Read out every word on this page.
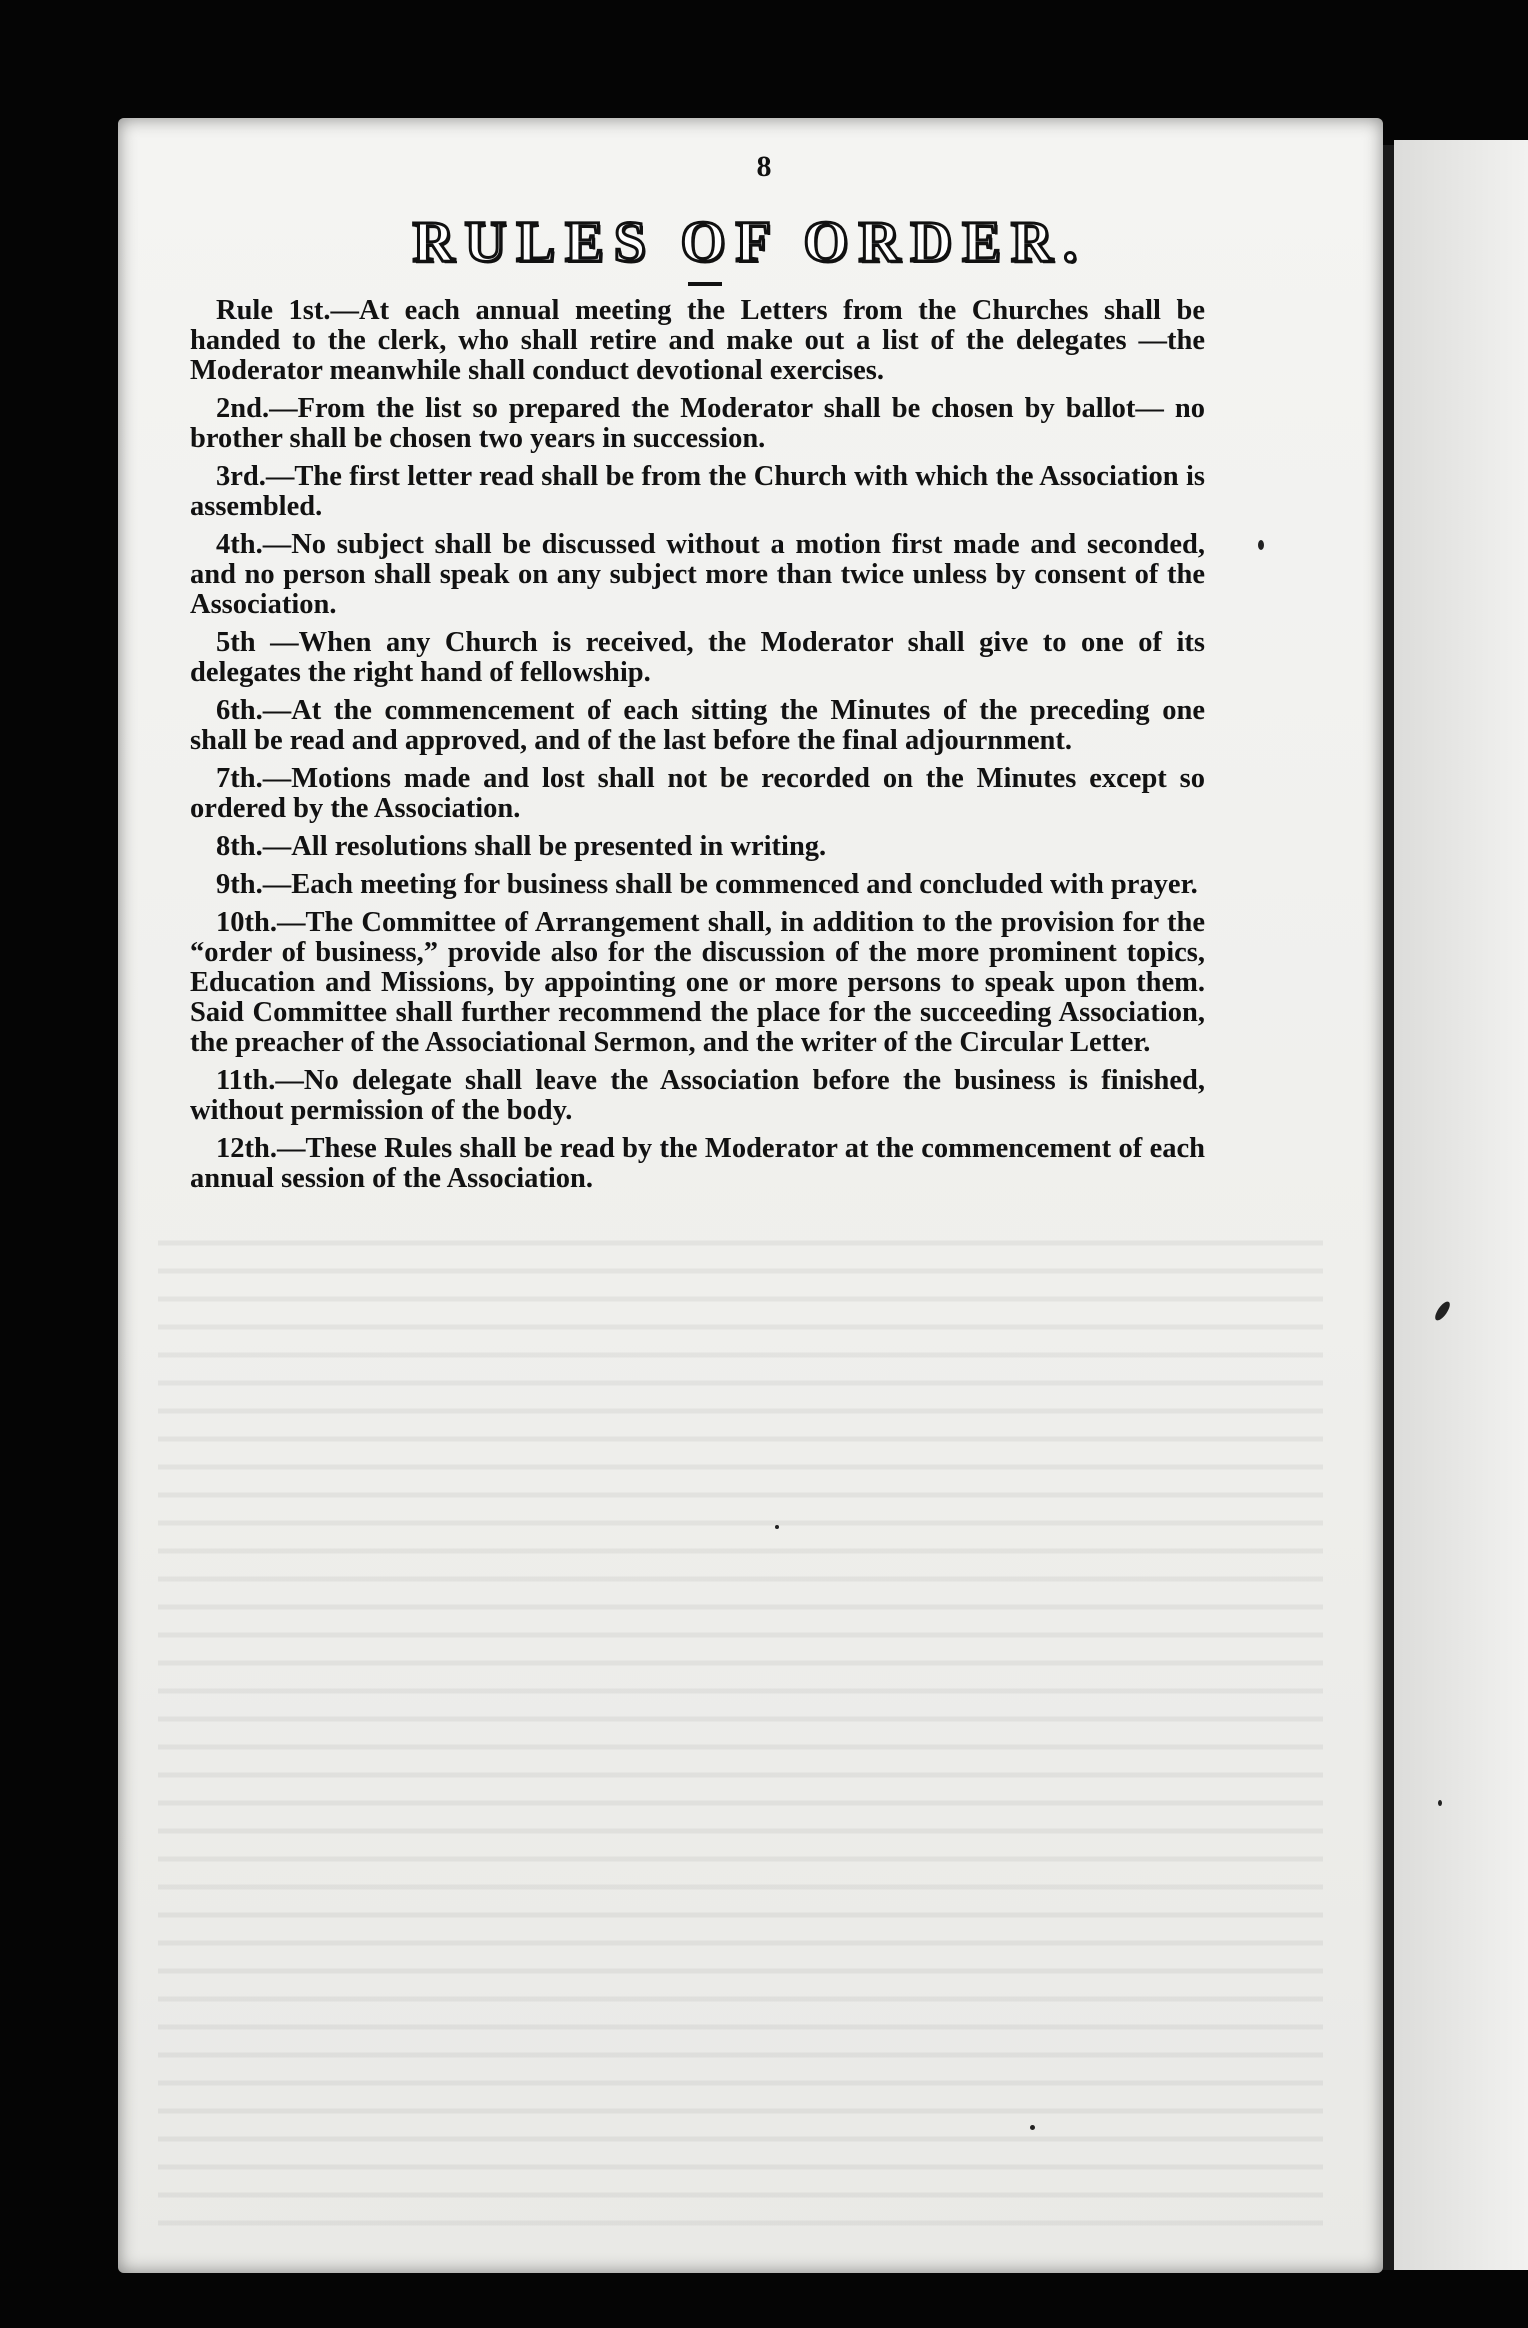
8
RULES OF ORDER.

Rule 1st.—At each annual meeting the Letters from the Churches shall be handed to the clerk, who shall retire and make out a list of the delegates —the Moderator meanwhile shall conduct devotional exercises.

2nd.—From the list so prepared the Moderator shall be chosen by ballot— no brother shall be chosen two years in succession.

3rd.—The first letter read shall be from the Church with which the Association is assembled.

4th.—No subject shall be discussed without a motion first made and seconded, and no person shall speak on any subject more than twice unless by consent of the Association.

5th —When any Church is received, the Moderator shall give to one of its delegates the right hand of fellowship.

6th.—At the commencement of each sitting the Minutes of the preceding one shall be read and approved, and of the last before the final adjournment.

7th.—Motions made and lost shall not be recorded on the Minutes except so ordered by the Association.

8th.—All resolutions shall be presented in writing.

9th.—Each meeting for business shall be commenced and concluded with prayer.

10th.—The Committee of Arrangement shall, in addition to the provision for the “order of business,” provide also for the discussion of the more prominent topics, Education and Missions, by appointing one or more persons to speak upon them. Said Committee shall further recommend the place for the succeeding Association, the preacher of the Associational Sermon, and the writer of the Circular Letter.

11th.—No delegate shall leave the Association before the business is finished, without permission of the body.

12th.—These Rules shall be read by the Moderator at the commencement of each annual session of the Association.
